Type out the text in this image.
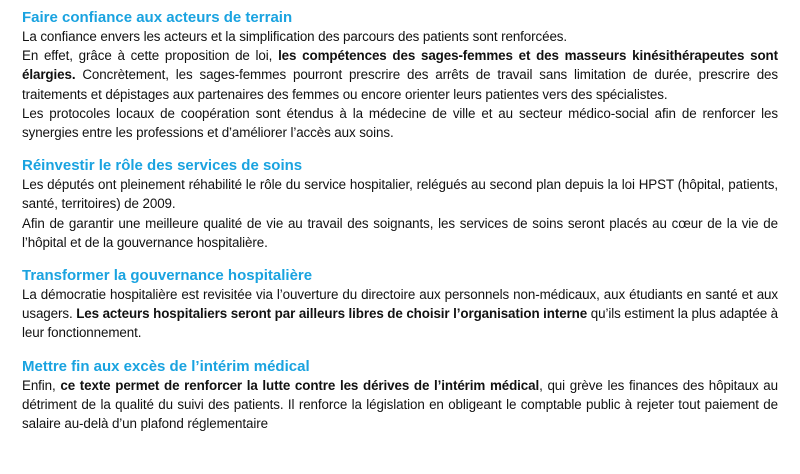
Faire confiance aux acteurs de terrain

La confiance envers les acteurs et la simplification des parcours des patients sont renforcées.

En effet, grâce à cette proposition de loi, les compétences des sages-femmes et des masseurs kinésithérapeutes sont élargies. Concrètement, les sages-femmes pourront prescrire des arrêts de travail sans limitation de durée, prescrire des traitements et dépistages aux partenaires des femmes ou encore orienter leurs patientes vers des spécialistes.

Les protocoles locaux de coopération sont étendus à la médecine de ville et au secteur médico-social afin de renforcer les synergies entre les professions et d’améliorer l’accès aux soins.

Réinvestir le rôle des services de soins

Les députés ont pleinement réhabilité le rôle du service hospitalier, relégués au second plan depuis la loi HPST (hôpital, patients, santé, territoires) de 2009.

Afin de garantir une meilleure qualité de vie au travail des soignants, les services de soins seront placés au cœur de la vie de l’hôpital et de la gouvernance hospitalière.

Transformer la gouvernance hospitalière

La démocratie hospitalière est revisitée via l’ouverture du directoire aux personnels non-médicaux, aux étudiants en santé et aux usagers. Les acteurs hospitaliers seront par ailleurs libres de choisir l’organisation interne qu’ils estiment la plus adaptée à leur fonctionnement.

Mettre fin aux excès de l’intérim médical

Enfin, ce texte permet de renforcer la lutte contre les dérives de l’intérim médical, qui grève les finances des hôpitaux au détriment de la qualité du suivi des patients. Il renforce la législation en obligeant le comptable public à rejeter tout paiement de salaire au-delà d’un plafond réglementaire
